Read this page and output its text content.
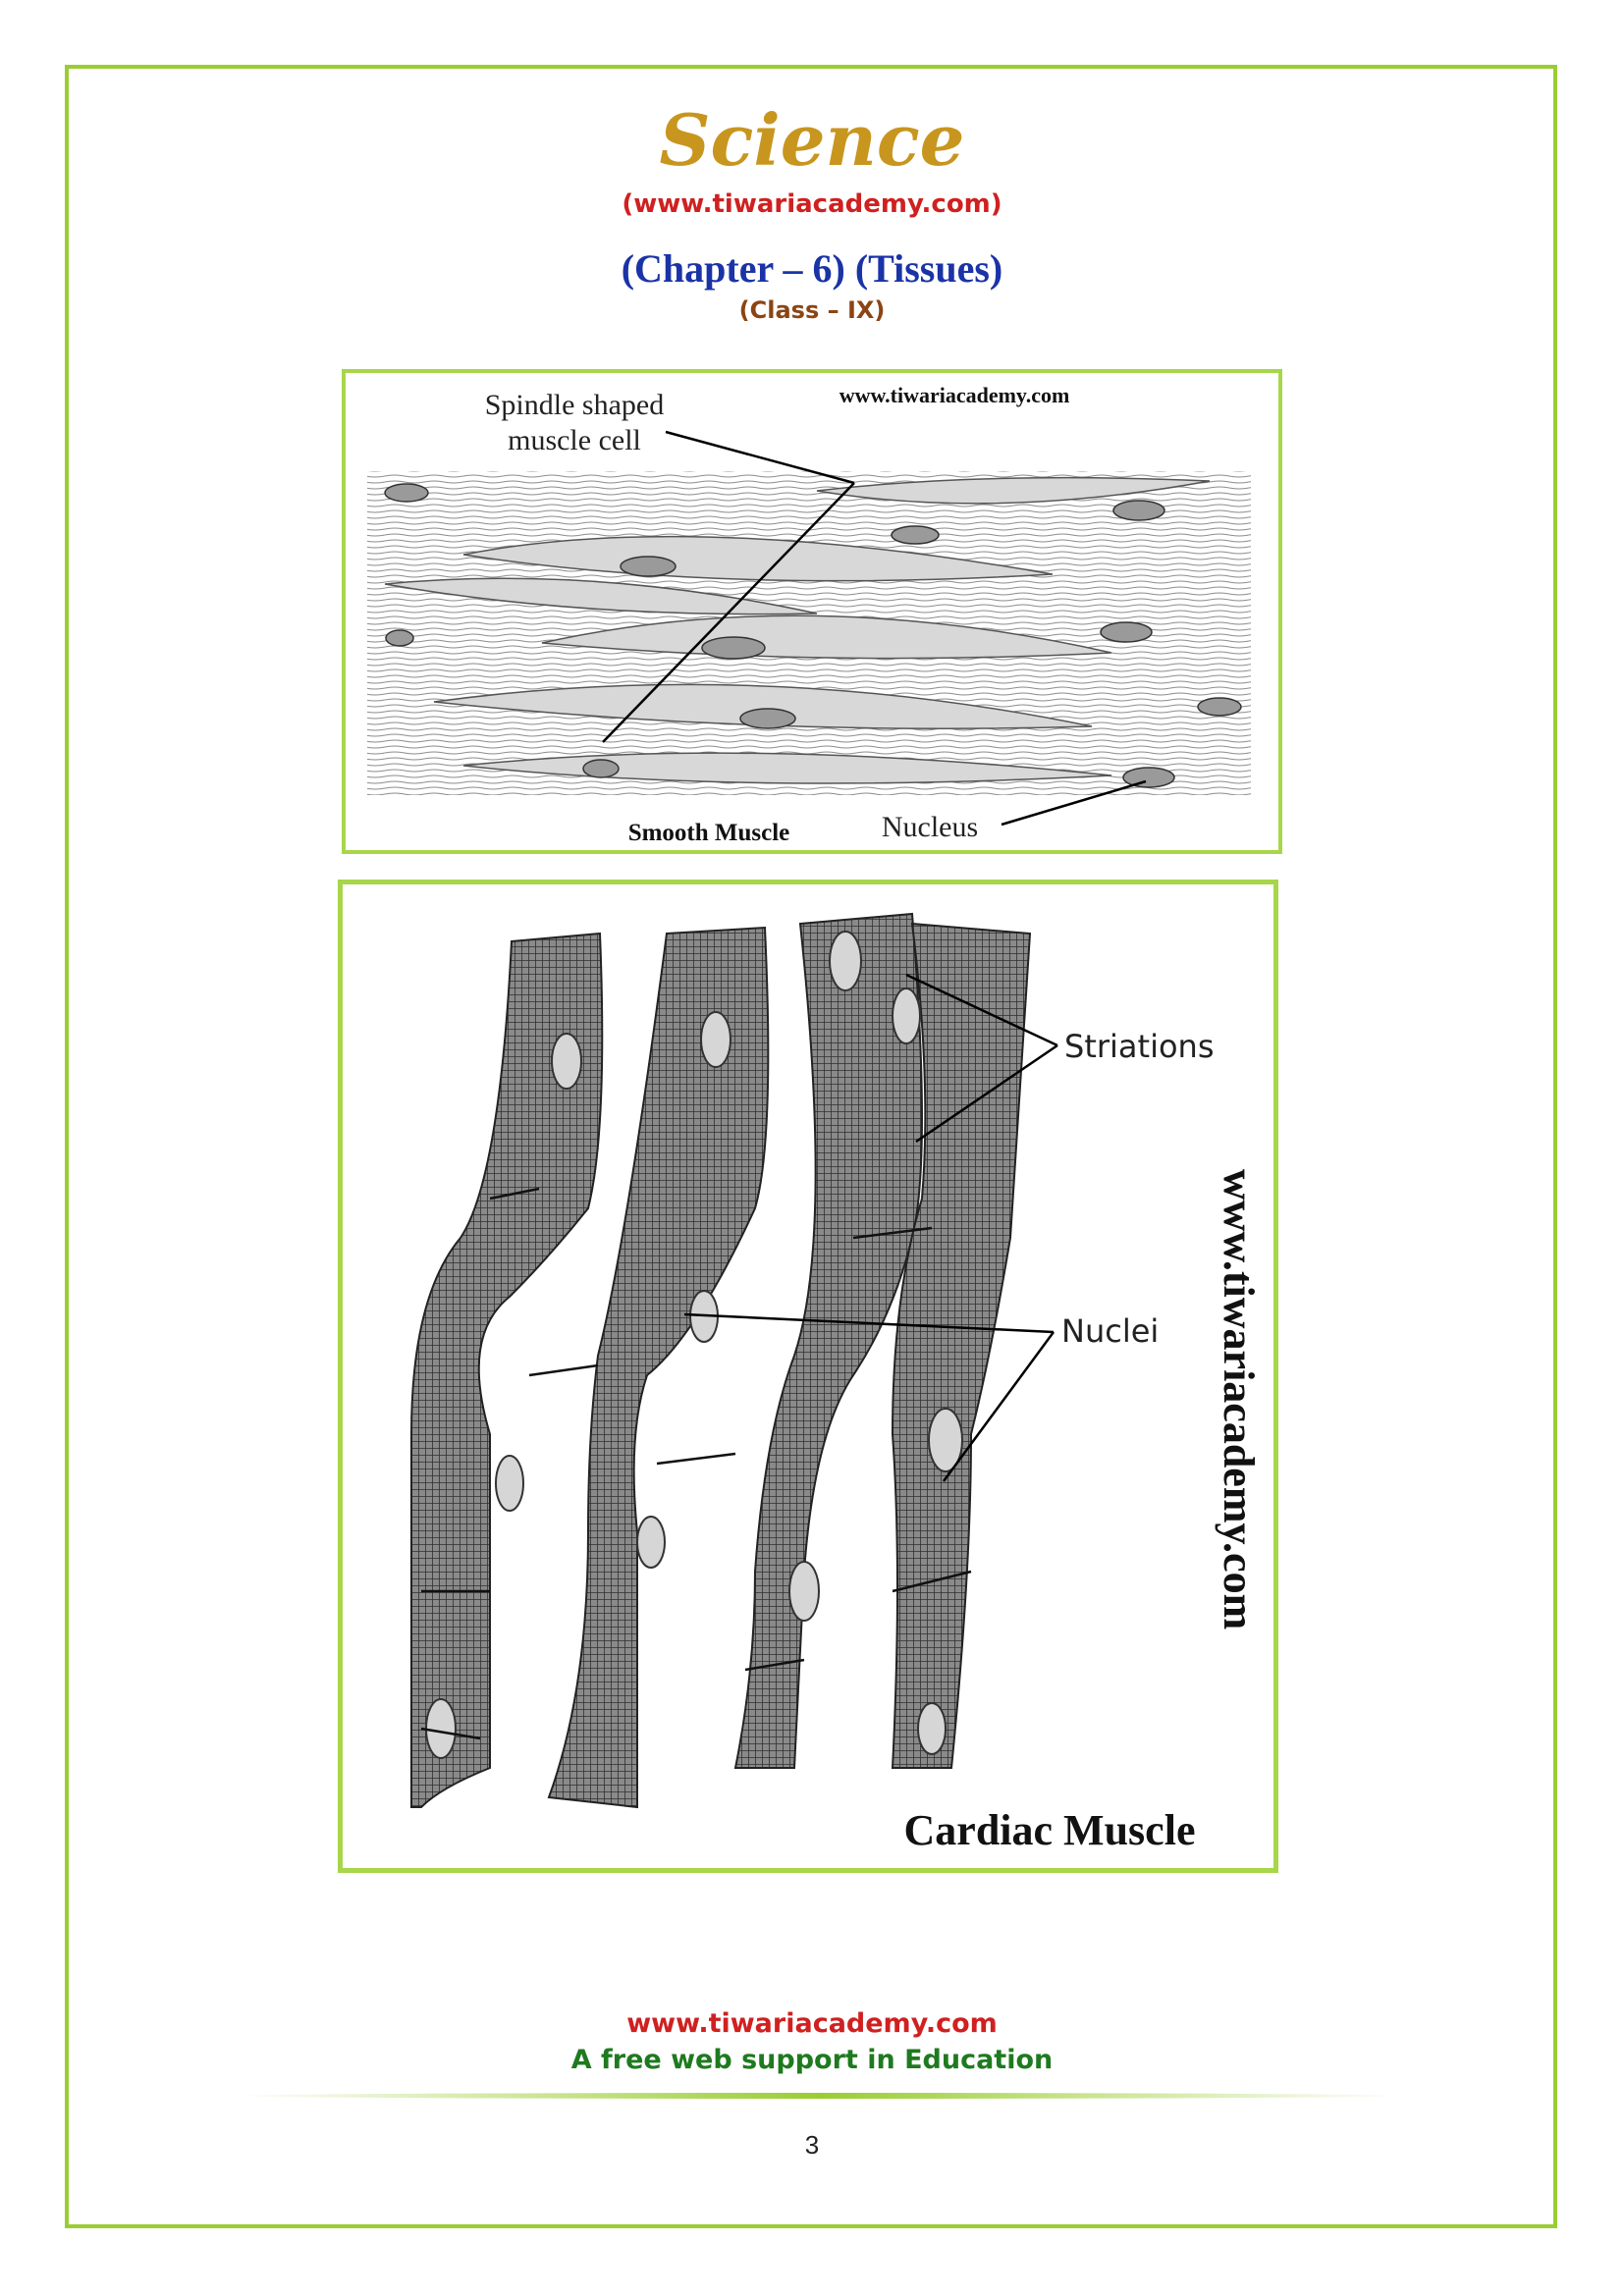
Science
(www.tiwariacademy.com)
(Chapter – 6) (Tissues)
(Class – IX)
Spindle shaped
muscle cell
www.tiwariacademy.com
Smooth Muscle	Nucleus
Striations
Nuclei www.tiwariacademy.com
Cardiac Muscle
www.tiwariacademy.com
A free web support in Education
3
